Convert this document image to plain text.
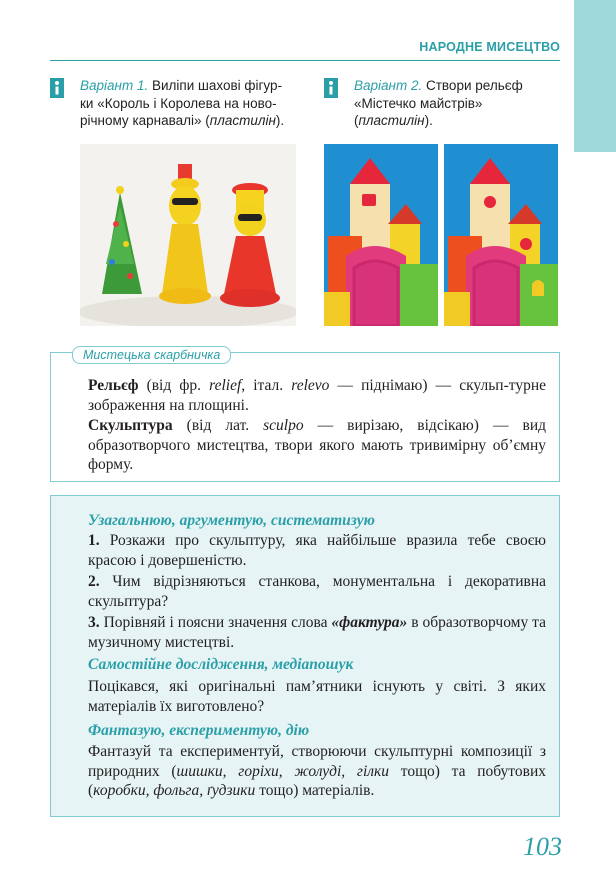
НАРОДНЕ МИСЕЦТВО
Варіант 1. Виліпи шахові фігур-
ки «Король і Королева на ново-
річному карнавалі» (пластилін).
Варіант 2. Створи рельєф
«Містечко майстрів»
(пластилін).
Мистецька скарбничка
Рельєф (від фр. relief, італ. relevo — піднімаю) — скульп-турне зображення на площині.
Скульптура (від лат. sculpo — вирізаю, відсікаю) — вид образотворчого мистецтва, твори якого мають тривимірну об’ємну форму.
Узагальнюю, аргументую, систематизую
1. Розкажи про скульптуру, яка найбільше вразила тебе своєю красою і довершеністю.
2. Чим відрізняються станкова, монументальна і декоративна скульптура?
3. Порівняй і поясни значення слова «фактура» в образотворчому та музичному мистецтві.
Самостійне дослідження, медіапошук
Поцікався, які оригінальні пам’ятники існують у світі. З яких матеріалів їх виготовлено?
Фантазую, експериментую, дію
Фантазуй та експериментуй, створюючи скульптурні композиції з природних (шишки, горіхи, жолуді, гілки тощо) та побутових (коробки, фольга, ґудзики тощо) матеріалів.
103
